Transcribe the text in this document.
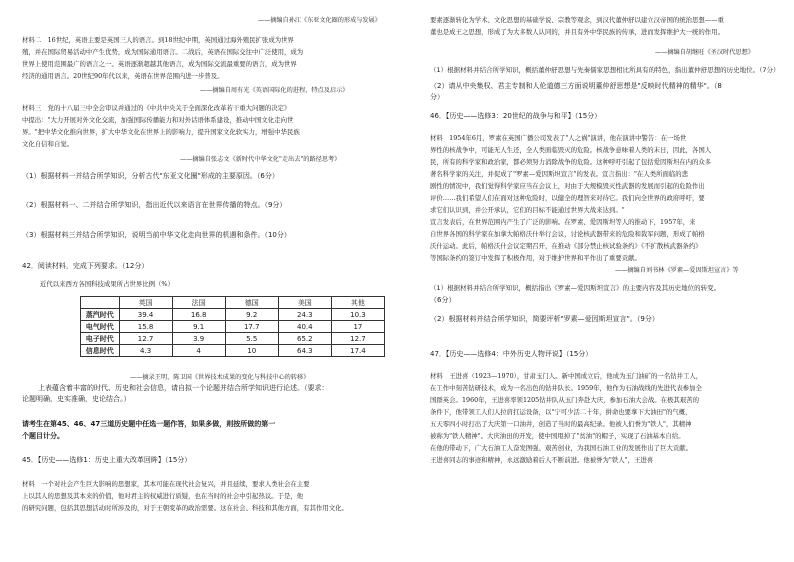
——摘编自孙江《东亚文化圈的形成与发展》
材料二　16世纪，英语主要是英国三人的语言。到18世纪中期，英国通过海外殖民扩张成为世界
殖，并在国际贸易活动中产生优势，成为国际通用语言。二战后，英语在国际交往中广泛使用，成为
世界上使用范围最广的语言之一。英语逐渐超越其他语言，成为国际交流最重要的语言，成为世界
经济的通用语言。20世纪90年代以来，英语在世界范围内进一步普及。
——摘编自周有光《英语国际化的进程、特点及启示》
材料三　党的十八届三中全会审议并通过的《中共中央关于全面深化改革若干重大问题的决定》
中提出："大力开展对外文化交流，加强国际传播能力和对外话语体系建设，推动中国文化走向世
界。"把中华文化推向世界，扩大中华文化在世界上的影响力，提升国家文化软实力，增强中华民族
文化自信和自觉。
——摘编自张志文《新时代中华文化"走出去"的路径思考》
（1）根据材料一并结合所学知识，分析古代"东亚文化圈"形成的主要原因。（6分）
（2）根据材料一、二并结合所学知识，指出近代以来语言在世界传播的特点。（9分）
（3）根据材料三并结合所学知识，说明当前中华文化走向世界的机遇和条件。（10分）
42．阅读材料，完成下列要求。（12分）
近代以来西方各国科技成果所占世界比例（%）
	英国	法国	德国	美国	其他
蒸汽时代	39.4	16.8	9.2	24.3	10.3
电气时代	15.8	9.1	17.7	40.4	17
电子时代	12.7	3.9	5.5	65.2	12.7
信息时代	4.3	4	10	64.3	17.4
——摘录王明、陈卫国《世界技术成果的变化与科技中心的转移》
上表蕴含着丰富的时代、历史和社会信息，请自拟一个论题并结合所学知识进行论述。（要求：
论题明确，史实准确，史论结合。）
请考生在第45、46、47三道历史题中任选一题作答，如果多做，则按所做的第一
个题目计分。
45．【历史——选修1：历史上重大改革回眸】（15分）
材料　一个对社会产生巨大影响的思想家，其本可能在现代社会复兴，并且延续，要求人类社会在主要
上以其人的思想及其本来的价值，他对君主的权威进行质疑，也在当时的社会中引起热议。于是，他
的研究问题，包括其思想活动时所涉及的，对于王朝变革的政治需要。这在社会、科技和其他方面，有其作用文化。
要素逐渐转化为学术、文化思想的基础学说、宗教等观念，到汉代董仲舒以建立汉帝国的统治思想——重
董也是成王之思想，形成了为大多数人认同的，并且有外中华民族的传承，进而发挥维护大一统的作用。
——摘编自胡继旺《圣汉时代思想》
（1）根据材料并结合所学知识，概括董仲舒思想与先秦儒家思想相比所具有的特色，指出董仲舒思想的历史地位。（7分）
（2）请从中央集权、君主专制和人伦道德三方面说明董仲舒思想是"反映时代精神的精华"。（8
分）
46．【历史——选修3：20世纪的战争与和平】（15分）
材料　1954年6月，罗素在英国广播公司发表了"人之祸"演讲，他在演讲中警告：在一场世
界性的核战争中，可能无人生还，全人类面临毁灭的危险。核战争意味着人类的末日，因此，各国人
民，所有的科学家和政治家，都必须努力消除战争的危险。这种呼吁引起了包括爱因斯坦在内的众多
著名科学家的关注，并促成了"罗素—爱因斯坦宣言"的发表。宣言指出："在人类所面临的悲
剧性的情况中，我们觉得科学家应当在会议上，对由于大规模毁灭性武器的发展而引起的危险作出
评价……我们希望人们在面对这种危险时，以健全的理智来对待它。我们向全世界的政府呼吁，要
求它们认识到，并公开承认，它们的目标不能通过世界大战来达到。"
宣言发表后，在世界范围内产生了广泛的影响。在罗素、爱因斯坦等人的推动下，1957年，来
自世界各国的科学家在加拿大帕格沃什举行会议，讨论核武器带来的危险和裁军问题，形成了帕格
沃什运动。此后，帕格沃什会议定期召开，在推动《部分禁止核试验条约》《不扩散核武器条约》
等国际条约的签订中发挥了积极作用，对于维护世界和平作出了重要贡献。
——摘编自刘书林《罗素—爱因斯坦宣言》等
（1）根据材料并结合所学知识，概括指出《罗素—爱因斯坦宣言》的主要内容及其历史地位的转变。
（6分）
（2）根据材料并结合所学知识，简要评析"罗素—爱因斯坦宣言"。（9分）
47．【历史——选修4：中外历史人物评说】（15分）
材料　王进喜（1923—1970），甘肃玉门人。新中国成立后，他成为玉门油矿的一名钻井工人，
在工作中刻苦钻研技术，成为一名出色的钻井队长。1959年，他作为石油战线的先进代表参加全
国群英会。1960年，王进喜率领1205钻井队从玉门奔赴大庆，参加石油大会战。在极其艰苦的
条件下，他带领工人们人拉肩扛运设备，以"宁可少活二十年，拼命也要拿下大油田"的气概，
五天零四小时打出了大庆第一口油井，创造了当时的最高纪录。他被人们誉为"铁人"，其精神
被称为"铁人精神"。大庆油田的开发，使中国甩掉了"贫油"的帽子，实现了石油基本自给。
在他的带动下，广大石油工人奋发图强、艰苦创业，为我国石油工业的发展作出了巨大贡献。
王进喜同志的事迹和精神，永远激励着后人不断前进。他被誉为"铁人"，王进喜
